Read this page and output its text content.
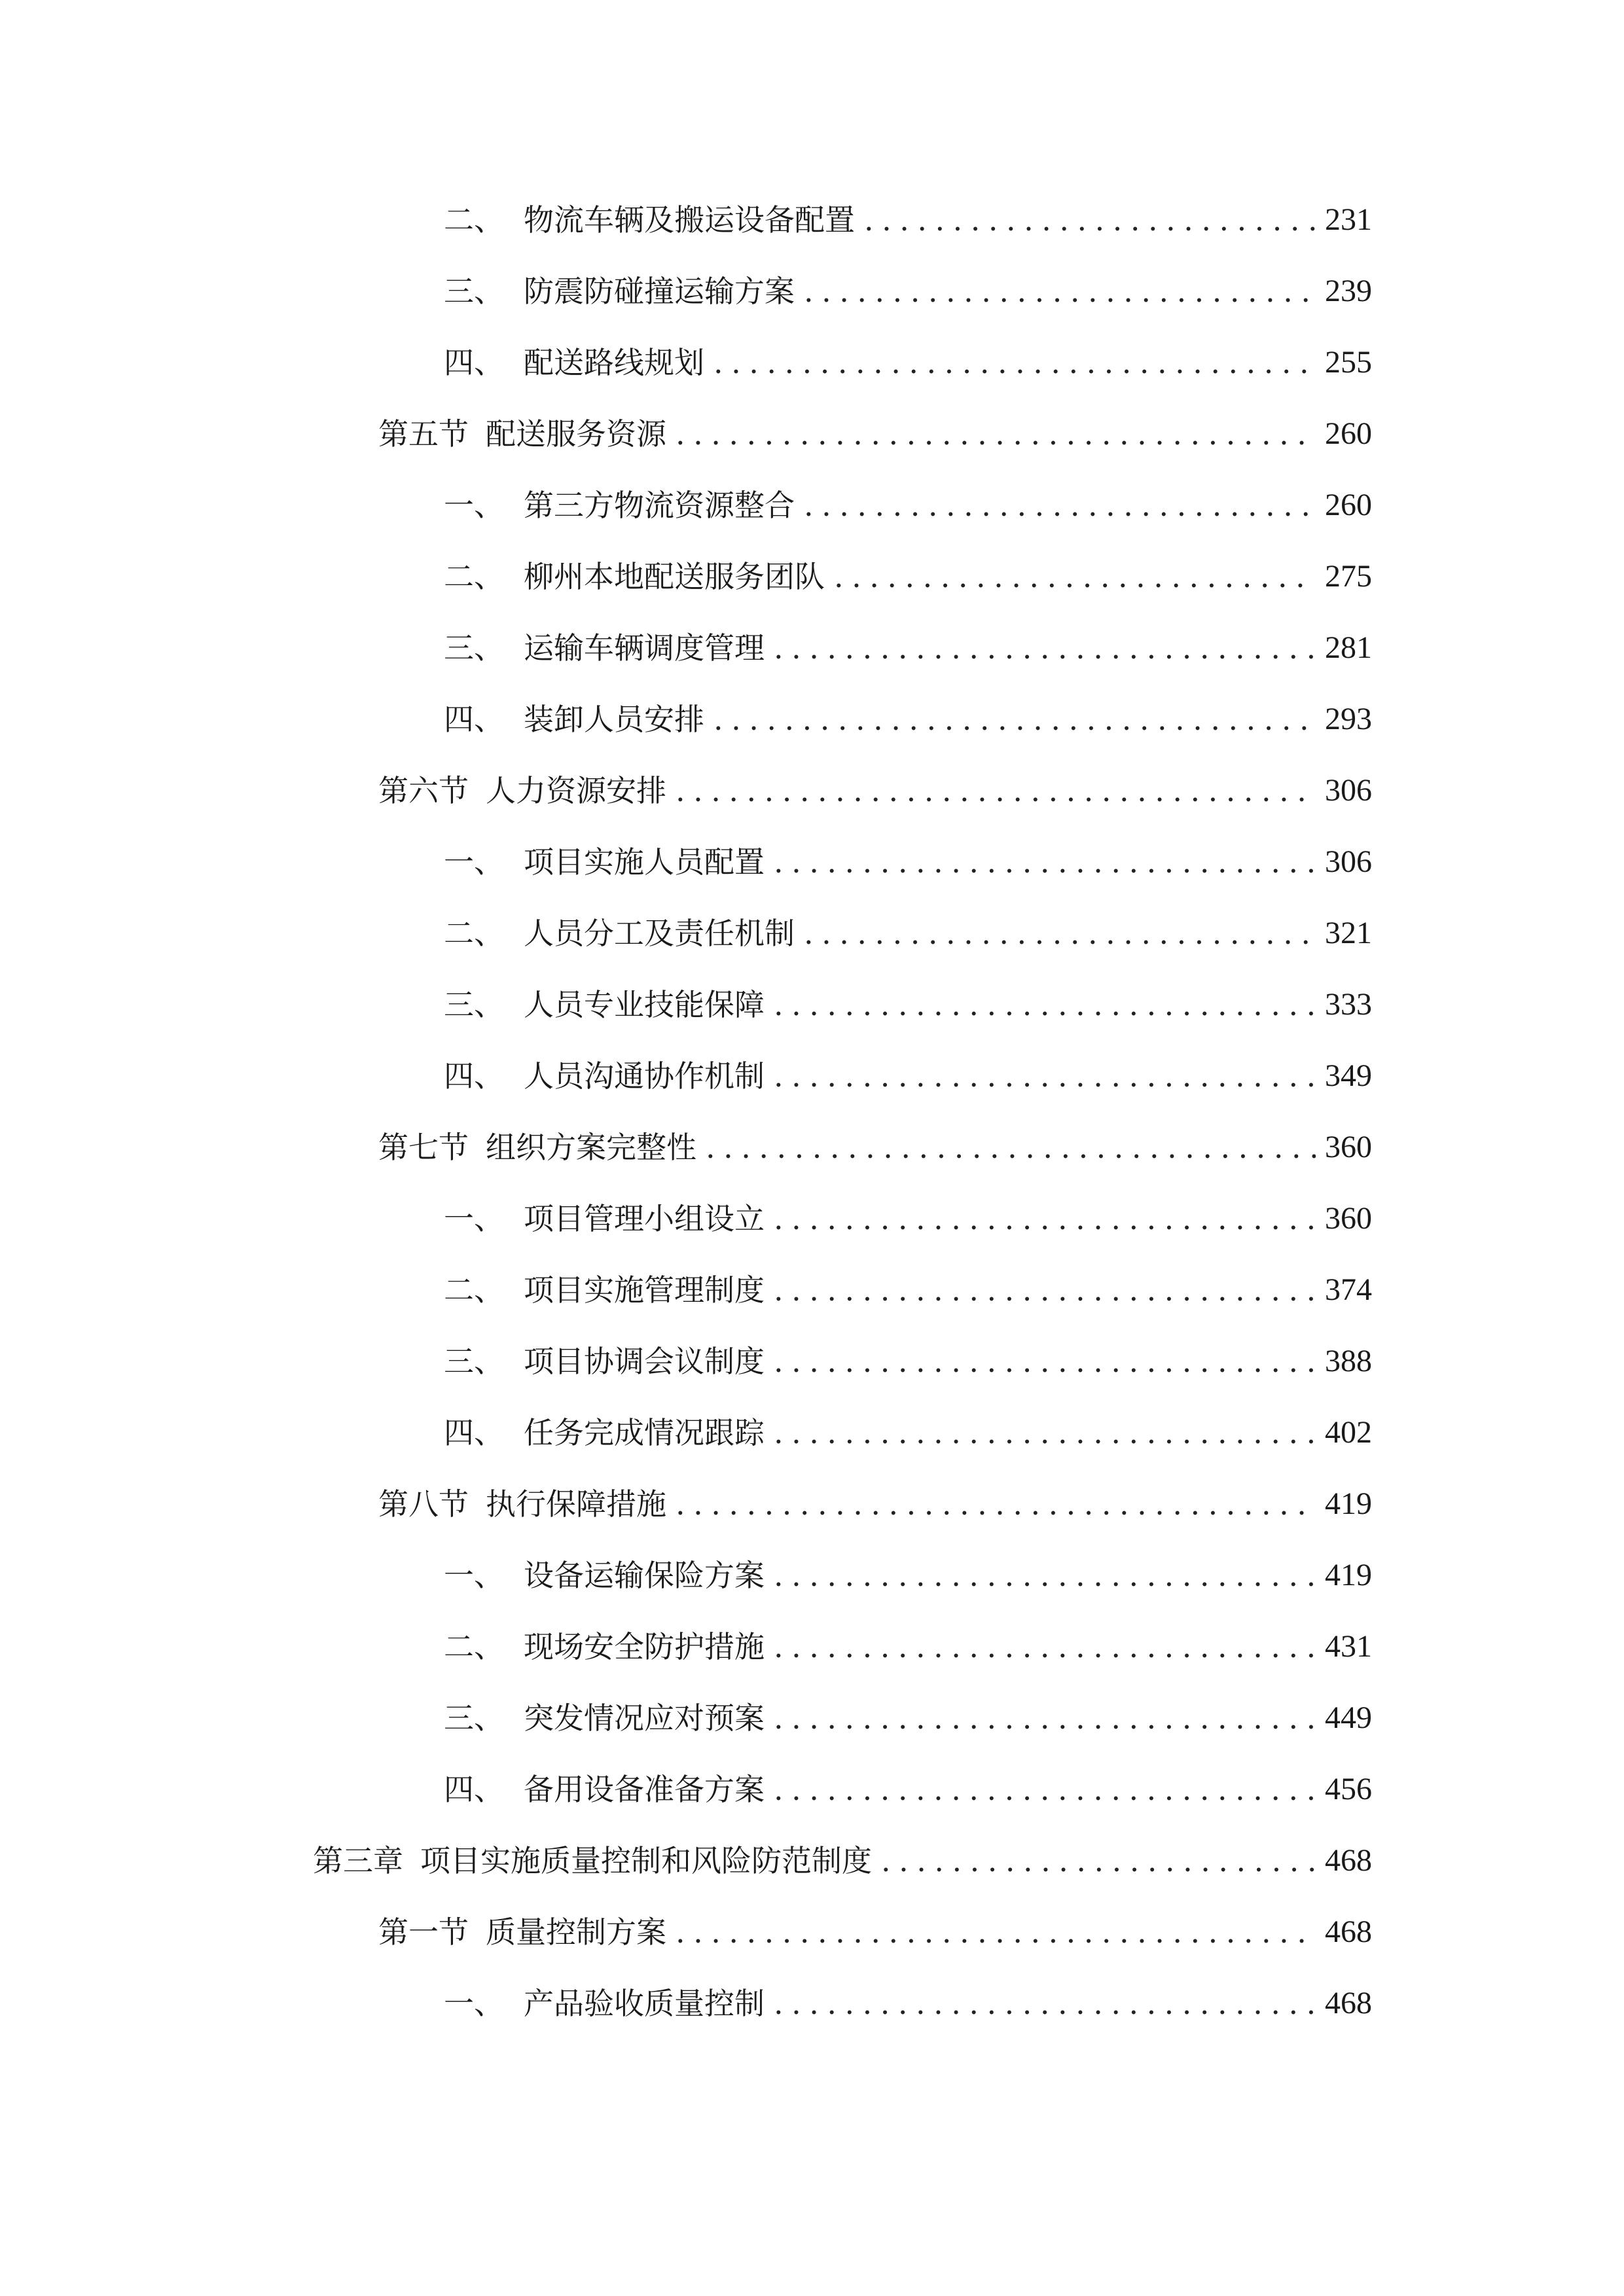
二、 物流车辆及搬运设备配置 .....	231
三、 防震防碰撞运输方案 .....	239
四、 配送路线规划 .....	255
第五节 配送服务资源 .....	260
一、 第三方物流资源整合 .....	260
二、 柳州本地配送服务团队 .....	275
三、 运输车辆调度管理 .....	281
四、 装卸人员安排 .....	293
第六节 人力资源安排 .....	306
一、 项目实施人员配置 .....	306
二、 人员分工及责任机制 .....	321
三、 人员专业技能保障 .....	333
四、 人员沟通协作机制 .....	349
第七节 组织方案完整性 .....	360
一、 项目管理小组设立 .....	360
二、 项目实施管理制度 .....	374
三、 项目协调会议制度 .....	388
四、 任务完成情况跟踪 .....	402
第八节 执行保障措施 .....	419
一、 设备运输保险方案 .....	419
二、 现场安全防护措施 .....	431
三、 突发情况应对预案 .....	449
四、 备用设备准备方案 .....	456
第三章 项目实施质量控制和风险防范制度 .....	468
第一节 质量控制方案 .....	468
一、 产品验收质量控制 .....	468
